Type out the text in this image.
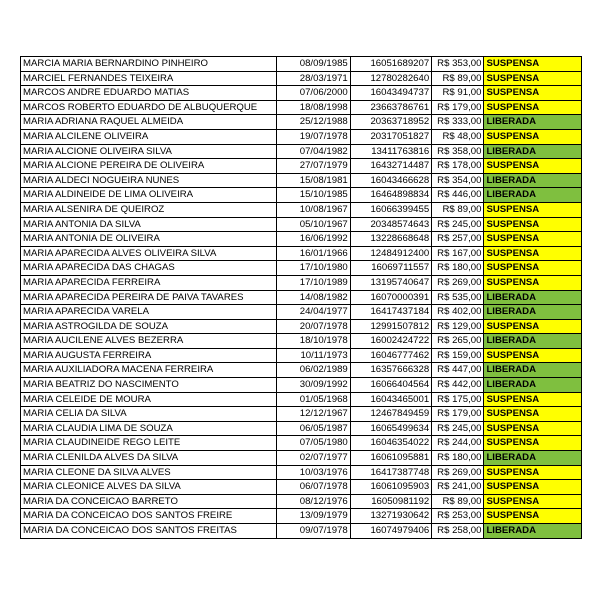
MARCIA MARIA BERNARDINO PINHEIRO	08/09/1985	16051689207	R$ 353,00	SUSPENSA
MARCIEL FERNANDES TEIXEIRA	28/03/1971	12780282640	R$ 89,00	SUSPENSA
MARCOS ANDRE EDUARDO MATIAS	07/06/2000	16043494737	R$ 91,00	SUSPENSA
MARCOS ROBERTO EDUARDO DE ALBUQUERQUE	18/08/1998	23663786761	R$ 179,00	SUSPENSA
MARIA ADRIANA RAQUEL ALMEIDA	25/12/1988	20363718952	R$ 333,00	LIBERADA
MARIA ALCILENE OLIVEIRA	19/07/1978	20317051827	R$ 48,00	SUSPENSA
MARIA ALCIONE OLIVEIRA SILVA	07/04/1982	13411763816	R$ 358,00	LIBERADA
MARIA ALCIONE PEREIRA DE OLIVEIRA	27/07/1979	16432714487	R$ 178,00	SUSPENSA
MARIA ALDECI NOGUEIRA NUNES	15/08/1981	16043466628	R$ 354,00	LIBERADA
MARIA ALDINEIDE DE LIMA OLIVEIRA	15/10/1985	16464898834	R$ 446,00	LIBERADA
MARIA ALSENIRA DE QUEIROZ	10/08/1967	16066399455	R$ 89,00	SUSPENSA
MARIA ANTONIA DA SILVA	05/10/1967	20348574643	R$ 245,00	SUSPENSA
MARIA ANTONIA DE OLIVEIRA	16/06/1992	13228668648	R$ 257,00	SUSPENSA
MARIA APARECIDA ALVES OLIVEIRA SILVA	16/01/1966	12484912400	R$ 167,00	SUSPENSA
MARIA APARECIDA DAS CHAGAS	17/10/1980	16069711557	R$ 180,00	SUSPENSA
MARIA APARECIDA FERREIRA	17/10/1989	13195740647	R$ 269,00	SUSPENSA
MARIA APARECIDA PEREIRA DE PAIVA TAVARES	14/08/1982	16070000391	R$ 535,00	LIBERADA
MARIA APARECIDA VARELA	24/04/1977	16417437184	R$ 402,00	LIBERADA
MARIA ASTROGILDA DE SOUZA	20/07/1978	12991507812	R$ 129,00	SUSPENSA
MARIA AUCILENE ALVES BEZERRA	18/10/1978	16002424722	R$ 265,00	LIBERADA
MARIA AUGUSTA FERREIRA	10/11/1973	16046777462	R$ 159,00	SUSPENSA
MARIA AUXILIADORA MACENA FERREIRA	06/02/1989	16357666328	R$ 447,00	LIBERADA
MARIA BEATRIZ DO NASCIMENTO	30/09/1992	16066404564	R$ 442,00	LIBERADA
MARIA CELEIDE DE MOURA	01/05/1968	16043465001	R$ 175,00	SUSPENSA
MARIA CELIA DA SILVA	12/12/1967	12467849459	R$ 179,00	SUSPENSA
MARIA CLAUDIA LIMA DE SOUZA	06/05/1987	16065499634	R$ 245,00	SUSPENSA
MARIA CLAUDINEIDE REGO LEITE	07/05/1980	16046354022	R$ 244,00	SUSPENSA
MARIA CLENILDA ALVES DA SILVA	02/07/1977	16061095881	R$ 180,00	LIBERADA
MARIA CLEONE DA SILVA ALVES	10/03/1976	16417387748	R$ 269,00	SUSPENSA
MARIA CLEONICE ALVES DA SILVA	06/07/1978	16061095903	R$ 241,00	SUSPENSA
MARIA DA CONCEICAO BARRETO	08/12/1976	16050981192	R$ 89,00	SUSPENSA
MARIA DA CONCEICAO DOS SANTOS FREIRE	13/09/1979	13271930642	R$ 253,00	SUSPENSA
MARIA DA CONCEICAO DOS SANTOS FREITAS	09/07/1978	16074979406	R$ 258,00	LIBERADA
